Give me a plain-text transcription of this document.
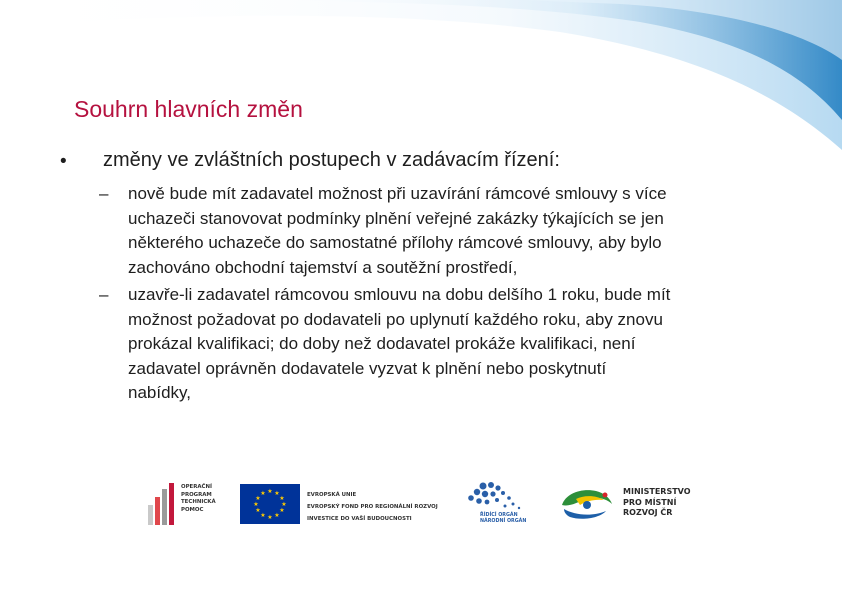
Souhrn hlavních změn
• změny ve zvláštních postupech v zadávacím řízení:
– nově bude mít zadavatel možnost při uzavírání rámcové smlouvy s více
uchazeči stanovovat podmínky plnění veřejné zakázky týkajících se jen
některého uchazeče do samostatné přílohy rámcové smlouvy, aby bylo
zachováno obchodní tajemství a soutěžní prostředí,
– uzavře-li zadavatel rámcovou smlouvu na dobu delšího 1 roku, bude mít
možnost požadovat po dodavateli po uplynutí každého roku, aby znovu
prokázal kvalifikaci; do doby než dodavatel prokáže kvalifikaci, není
zadavatel oprávněn dodavatele vyzvat k plnění nebo poskytnutí
nabídky,
OPERAČNÍ
PROGRAM
TECHNICKÁ
POMOC
★ ★
★
★
★
★
★
★
★
★
★
★	EVROPSKÁ UNIE
EVROPSKÝ FOND PRO REGIONÁLNÍ ROZVOJ
INVESTICE DO VAŠÍ BUDOUCNOSTI
ŘÍDÍCÍ ORGÁN
NÁRODNÍ ORGÁN
MINISTERSTVO
PRO MÍSTNÍ
ROZVOJ ČR
